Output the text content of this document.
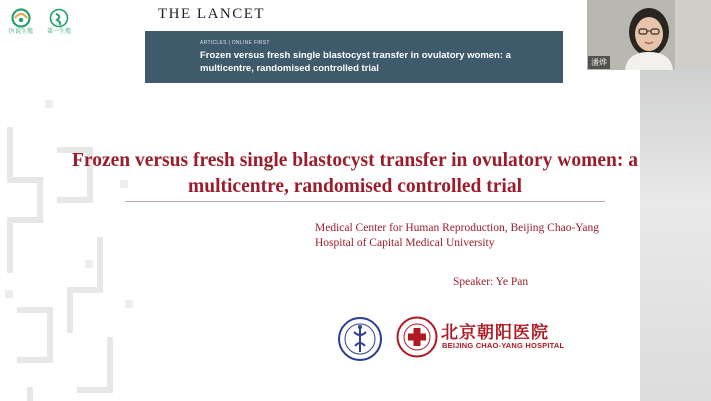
医说生殖 第一生殖
THE LANCET
ARTICLES | ONLINE FIRST
Frozen versus fresh single blastocyst transfer in ovulatory women: a multicentre, randomised controlled trial
Frozen versus fresh single blastocyst transfer in ovulatory women: a multicentre, randomised controlled trial
Medical Center for Human Reproduction, Beijing Chao-Yang Hospital of Capital Medical University
Speaker: Ye Pan
北京朝阳医院
BEIJING CHAO-YANG HOSPITAL
潘烨
